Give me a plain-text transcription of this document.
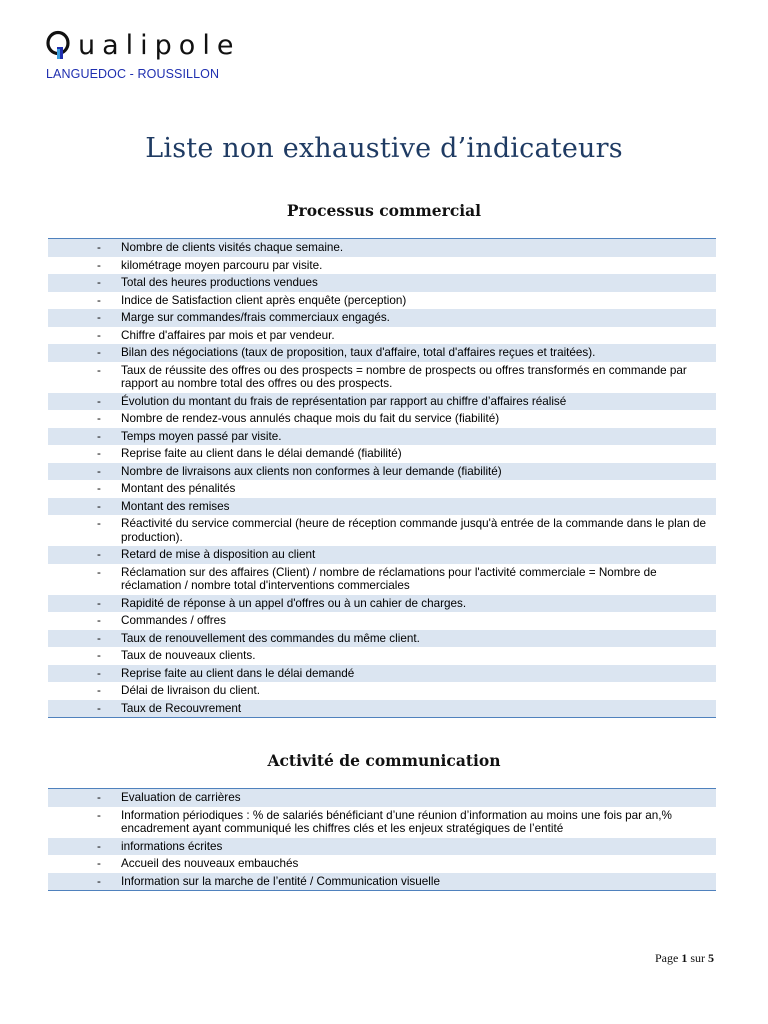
ualipole
LANGUEDOC - ROUSSILLON
Liste non exhaustive d’indicateurs
Processus commercial
-	Nombre de clients visités chaque semaine.
-	kilométrage moyen parcouru par visite.
-	Total des heures productions vendues
-	Indice de Satisfaction client après enquête (perception)
-	Marge sur commandes/frais commerciaux engagés.
-	Chiffre d'affaires par mois et par vendeur.
-	Bilan des négociations (taux de proposition, taux d'affaire, total d'affaires reçues et traitées).
-	Taux de réussite des offres ou des prospects = nombre de prospects ou offres transformés en commande par rapport au nombre total des offres ou des prospects.
-	Évolution du montant du frais de représentation par rapport au chiffre d’affaires réalisé
-	Nombre de rendez-vous annulés chaque mois du fait du service (fiabilité)
-	Temps moyen passé par visite.
-	Reprise faite au client dans le délai demandé (fiabilité)
-	Nombre de livraisons aux clients non conformes à leur demande (fiabilité)
-	Montant des pénalités
-	Montant des remises
-	Réactivité du service commercial (heure de réception commande jusqu'à entrée de la commande dans le plan de production).
-	Retard de mise à disposition au client
-	Réclamation sur des affaires (Client) / nombre de réclamations pour l'activité commerciale = Nombre de réclamation / nombre total d'interventions commerciales
-	Rapidité de réponse à un appel d'offres ou à un cahier de charges.
-	Commandes / offres
-	Taux de renouvellement des commandes du même client.
-	Taux de nouveaux clients.
-	Reprise faite au client dans le délai demandé
-	Délai de livraison du client.
-	Taux de Recouvrement
Activité de communication
-	Evaluation de carrières
-	Information périodiques : % de salariés bénéficiant d’une réunion d’information au moins une fois par an,% encadrement ayant communiqué les chiffres clés et les enjeux stratégiques de l’entité
-	informations écrites
-	Accueil des nouveaux embauchés
-	Information sur la marche de l’entité / Communication visuelle
Page 1 sur 5
